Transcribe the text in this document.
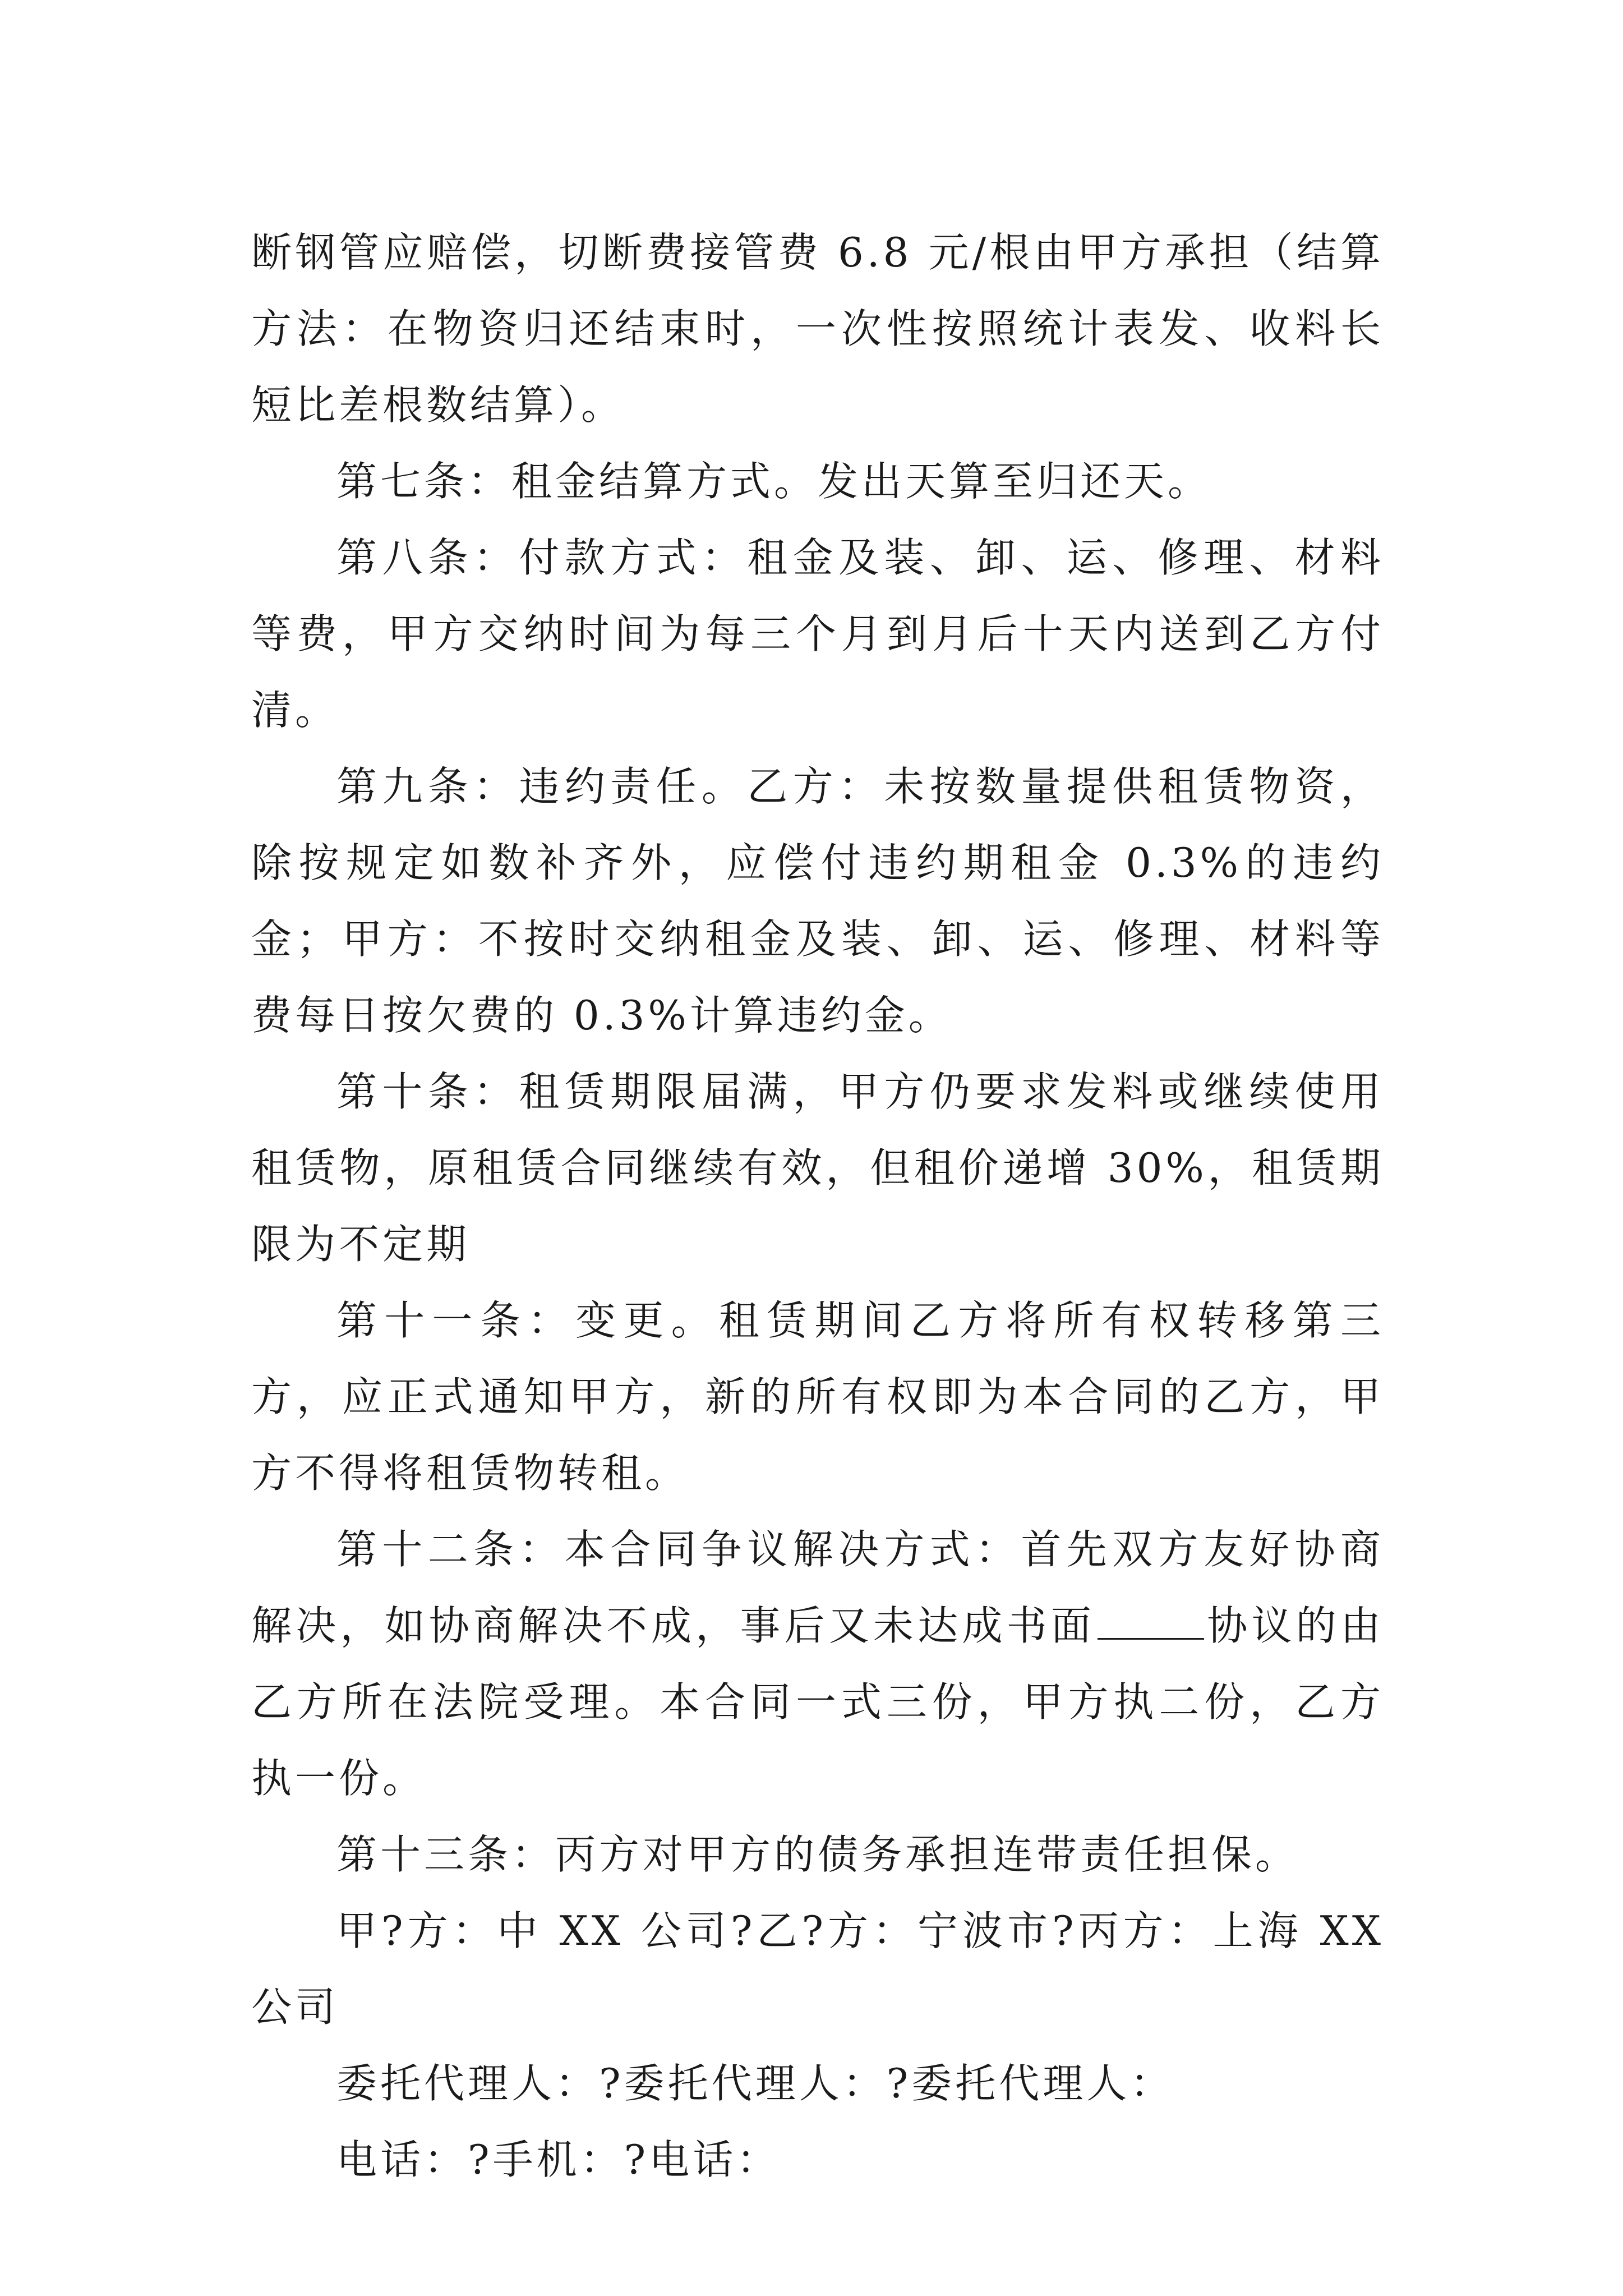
断钢管应赔偿，切断费接管费 6.8 元/根由甲方承担（结算方法：在物资归还结束时，一次性按照统计表发、收料长短比差根数结算）。

第七条：租金结算方式。发出天算至归还天。

第八条：付款方式：租金及装、卸、运、修理、材料等费，甲方交纳时间为每三个月到月后十天内送到乙方付清。

第九条：违约责任。乙方：未按数量提供租赁物资，除按规定如数补齐外，应偿付违约期租金 0.3%的违约金；甲方：不按时交纳租金及装、卸、运、修理、材料等费每日按欠费的 0.3%计算违约金。

第十条：租赁期限届满，甲方仍要求发料或继续使用租赁物，原租赁合同继续有效，但租价递增 30%，租赁期限为不定期

第十一条：变更。租赁期间乙方将所有权转移第三方，应正式通知甲方，新的所有权即为本合同的乙方，甲方不得将租赁物转租。

第十二条：本合同争议解决方式：首先双方友好协商解决，如协商解决不成，事后又未达成书面	协议的由乙方所在法院受理。本合同一式三份，甲方执二份，乙方执一份。

第十三条：丙方对甲方的债务承担连带责任担保。

甲?方：中 XX 公司?乙?方：宁波市?丙方：上海 XX 公司

委托代理人：?委托代理人：?委托代理人：

电话：?手机：?电话：
